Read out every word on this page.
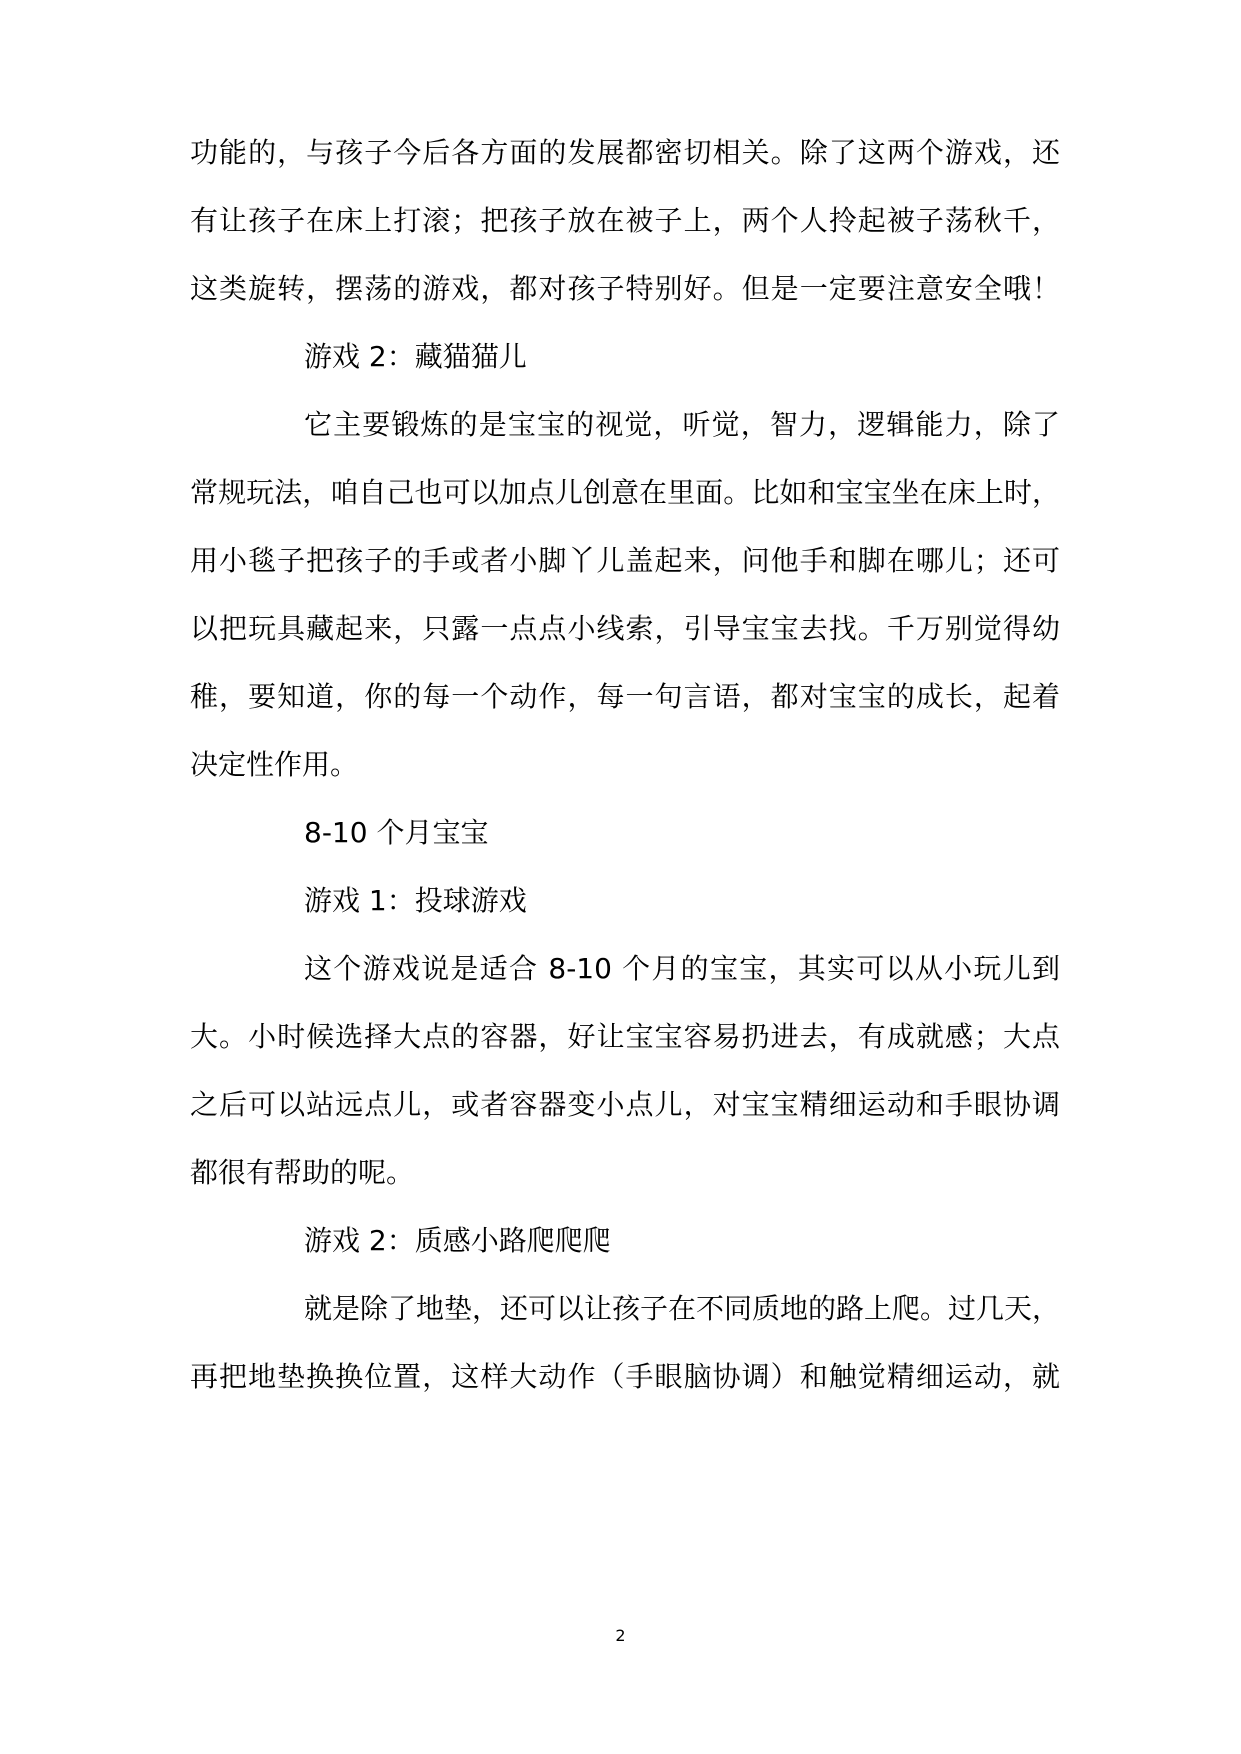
功能的，与孩子今后各方面的发展都密切相关。除了这两个游戏，还
有让孩子在床上打滚；把孩子放在被子上，两个人拎起被子荡秋千，
这类旋转，摆荡的游戏，都对孩子特别好。但是一定要注意安全哦！
游戏 2：藏猫猫儿
它主要锻炼的是宝宝的视觉，听觉，智力，逻辑能力，除了
常规玩法，咱自己也可以加点儿创意在里面。比如和宝宝坐在床上时，
用小毯子把孩子的手或者小脚丫儿盖起来，问他手和脚在哪儿；还可
以把玩具藏起来，只露一点点小线索，引导宝宝去找。千万别觉得幼
稚，要知道，你的每一个动作，每一句言语，都对宝宝的成长，起着
决定性作用。
8-10 个月宝宝
游戏 1：投球游戏
这个游戏说是适合 8-10 个月的宝宝，其实可以从小玩儿到
大。小时候选择大点的容器，好让宝宝容易扔进去，有成就感；大点
之后可以站远点儿，或者容器变小点儿，对宝宝精细运动和手眼协调
都很有帮助的呢。
游戏 2：质感小路爬爬爬
就是除了地垫，还可以让孩子在不同质地的路上爬。过几天，
再把地垫换换位置，这样大动作（手眼脑协调）和触觉精细运动，就
2
